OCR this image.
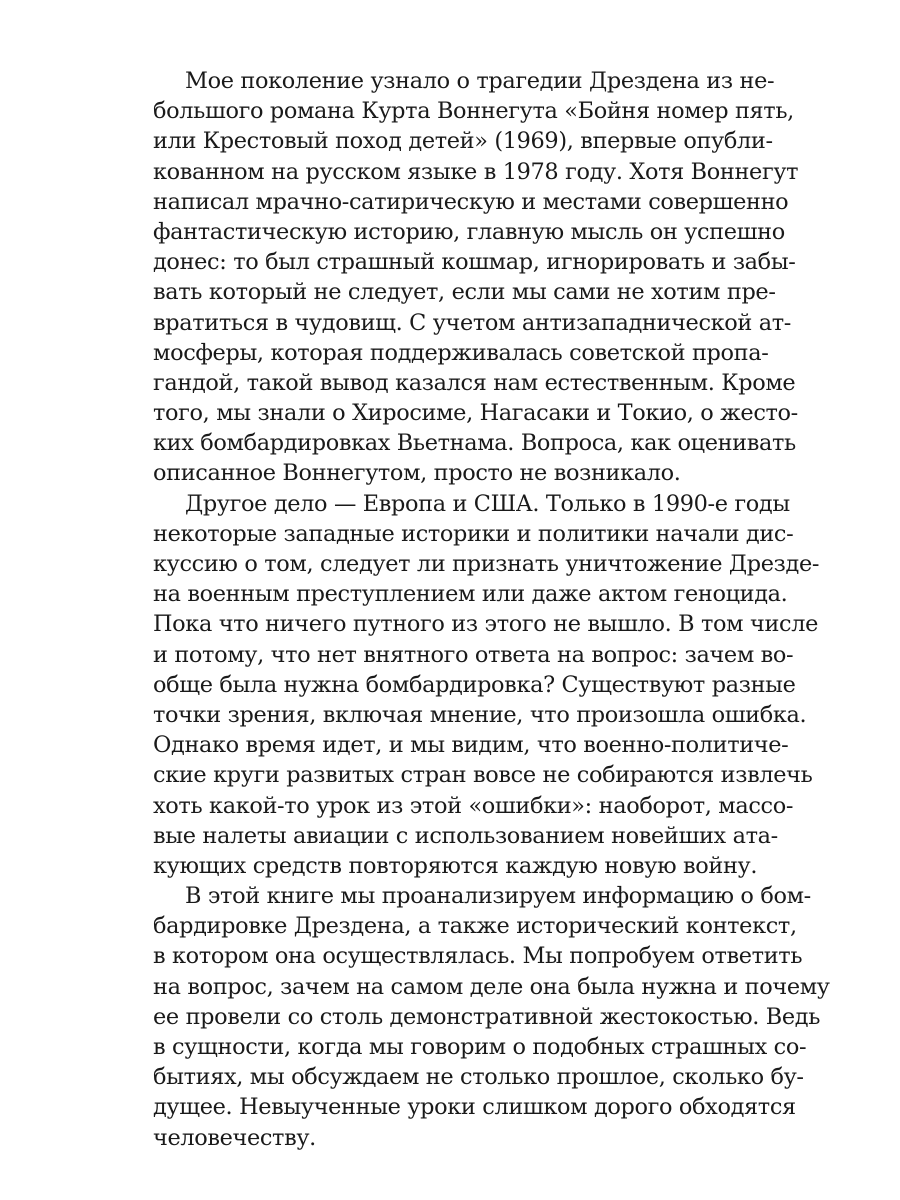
Мое поколение узнало о трагедии Дрездена из не-
большого романа Курта Воннегута «Бойня номер пять,
или Крестовый поход детей» (1969), впервые опубли-
кованном на русском языке в 1978 году. Хотя Воннегут
написал мрачно-сатирическую и местами совершенно
фантастическую историю, главную мысль он успешно
донес: то был страшный кошмар, игнорировать и забы-
вать который не следует, если мы сами не хотим пре-
вратиться в чудовищ. С учетом антизападнической ат-
мосферы, которая поддерживалась советской пропа-
гандой, такой вывод казался нам естественным. Кроме
того, мы знали о Хиросиме, Нагасаки и Токио, о жесто-
ких бомбардировках Вьетнама. Вопроса, как оценивать
описанное Воннегутом, просто не возникало.
Другое дело — Европа и США. Только в 1990-е годы
некоторые западные историки и политики начали дис-
куссию о том, следует ли признать уничтожение Дрезде-
на военным преступлением или даже актом геноцида.
Пока что ничего путного из этого не вышло. В том числе
и потому, что нет внятного ответа на вопрос: зачем во-
обще была нужна бомбардировка? Существуют разные
точки зрения, включая мнение, что произошла ошибка.
Однако время идет, и мы видим, что военно-политиче-
ские круги развитых стран вовсе не собираются извлечь
хоть какой-то урок из этой «ошибки»: наоборот, массо-
вые налеты авиации с использованием новейших ата-
кующих средств повторяются каждую новую войну.
В этой книге мы проанализируем информацию о бом-
бардировке Дрездена, а также исторический контекст,
в котором она осуществлялась. Мы попробуем ответить
на вопрос, зачем на самом деле она была нужна и почему
ее провели со столь демонстративной жестокостью. Ведь
в сущности, когда мы говорим о подобных страшных со-
бытиях, мы обсуждаем не столько прошлое, сколько бу-
дущее. Невыученные уроки слишком дорого обходятся
человечеству.
